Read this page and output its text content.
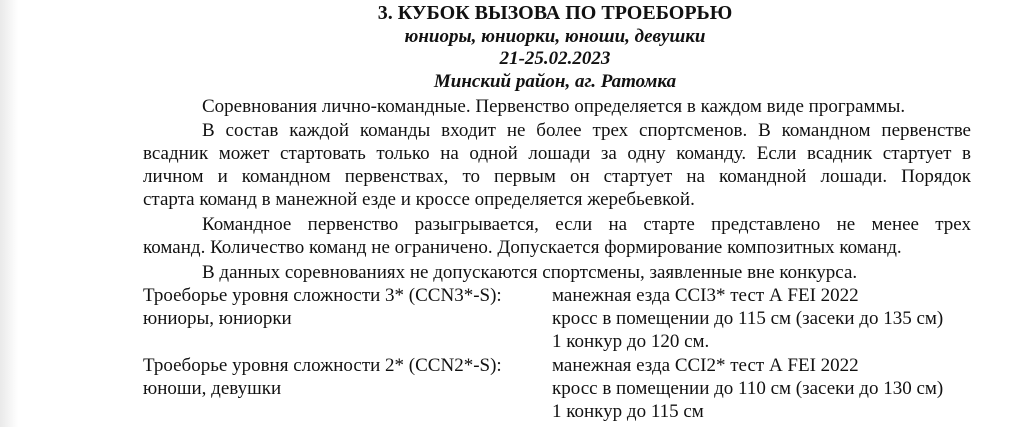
3. КУБОК ВЫЗОВА ПО ТРОЕБОРЬЮ
юниоры, юниорки, юноши, девушки
21-25.02.2023
Минский район, аг. Ратомка
Соревнования лично-командные. Первенство определяется в каждом виде программы.
В состав каждой команды входит не более трех спортсменов. В командном первенстве
всадник может стартовать только на одной лошади за одну команду. Если всадник стартует в
личном и командном первенствах, то первым он стартует на командной лошади. Порядок
старта команд в манежной езде и кроссе определяется жеребьевкой.
Командное первенство разыгрывается, если на старте представлено не менее трех
команд. Количество команд не ограничено. Допускается формирование композитных команд.
В данных соревнованиях не допускаются спортсмены, заявленные вне конкурса.
Троеборье уровня сложности 3* (CCN3*-S):
юниоры, юниорки
манежная езда CCI3* тест А FEI 2022
кросс в помещении до 115 см (засеки до 135 см)
1 конкур до 120 см.
Троеборье уровня сложности 2* (CCN2*-S):
юноши, девушки
манежная езда CCI2* тест А FEI 2022
кросс в помещении до 110 см (засеки до 130 см)
1 конкур до 115 см
